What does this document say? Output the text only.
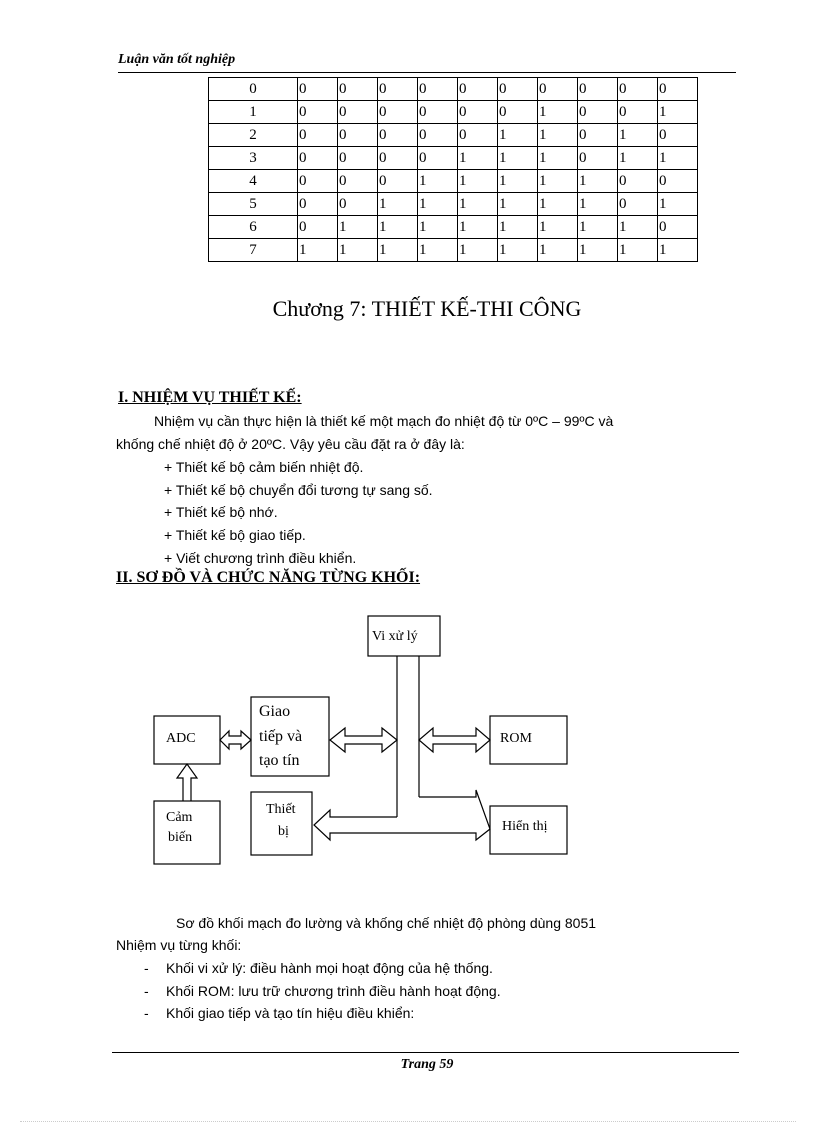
Luận văn tốt nghiệp
0	0	0	0	0	0	0	0	0	0	0
1	0	0	0	0	0	0	1	0	0	1
2	0	0	0	0	0	1	1	0	1	0
3	0	0	0	0	1	1	1	0	1	1
4	0	0	0	1	1	1	1	1	0	0
5	0	0	1	1	1	1	1	1	0	1
6	0	1	1	1	1	1	1	1	1	0
7	1	1	1	1	1	1	1	1	1	1
Chương 7: THIẾT KẾ-THI CÔNG
I. NHIỆM VỤ THIẾT KẾ:
Nhiệm vụ cần thực hiện là thiết kế một mạch đo nhiệt độ từ 0ºC – 99ºC và
khống chế nhiệt độ ở 20ºC. Vậy yêu cầu đặt ra ở đây là:
+ Thiết kế bộ cảm biến nhiệt độ.
+ Thiết kế bộ chuyển đổi tương tự sang số.
+ Thiết kế bộ nhớ.
+ Thiết kế bộ giao tiếp.
+ Viết chương trình điều khiển.
II. SƠ ĐỒ VÀ CHỨC NĂNG TỪNG KHỐI:
Vi xử lý
ADC
Giao
tiếp và
tạo tín
ROM
Cảm
biến
Thiết
bị	Hiển thị
Sơ đồ khối mạch đo lường và khống chế nhiệt độ phòng dùng 8051
Nhiệm vụ từng khối:
- Khối vi xử lý: điều hành mọi hoạt động của hệ thống.
- Khối ROM: lưu trữ chương trình điều hành hoạt động.
- Khối giao tiếp và tạo tín hiệu điều khiển:
Trang 59
